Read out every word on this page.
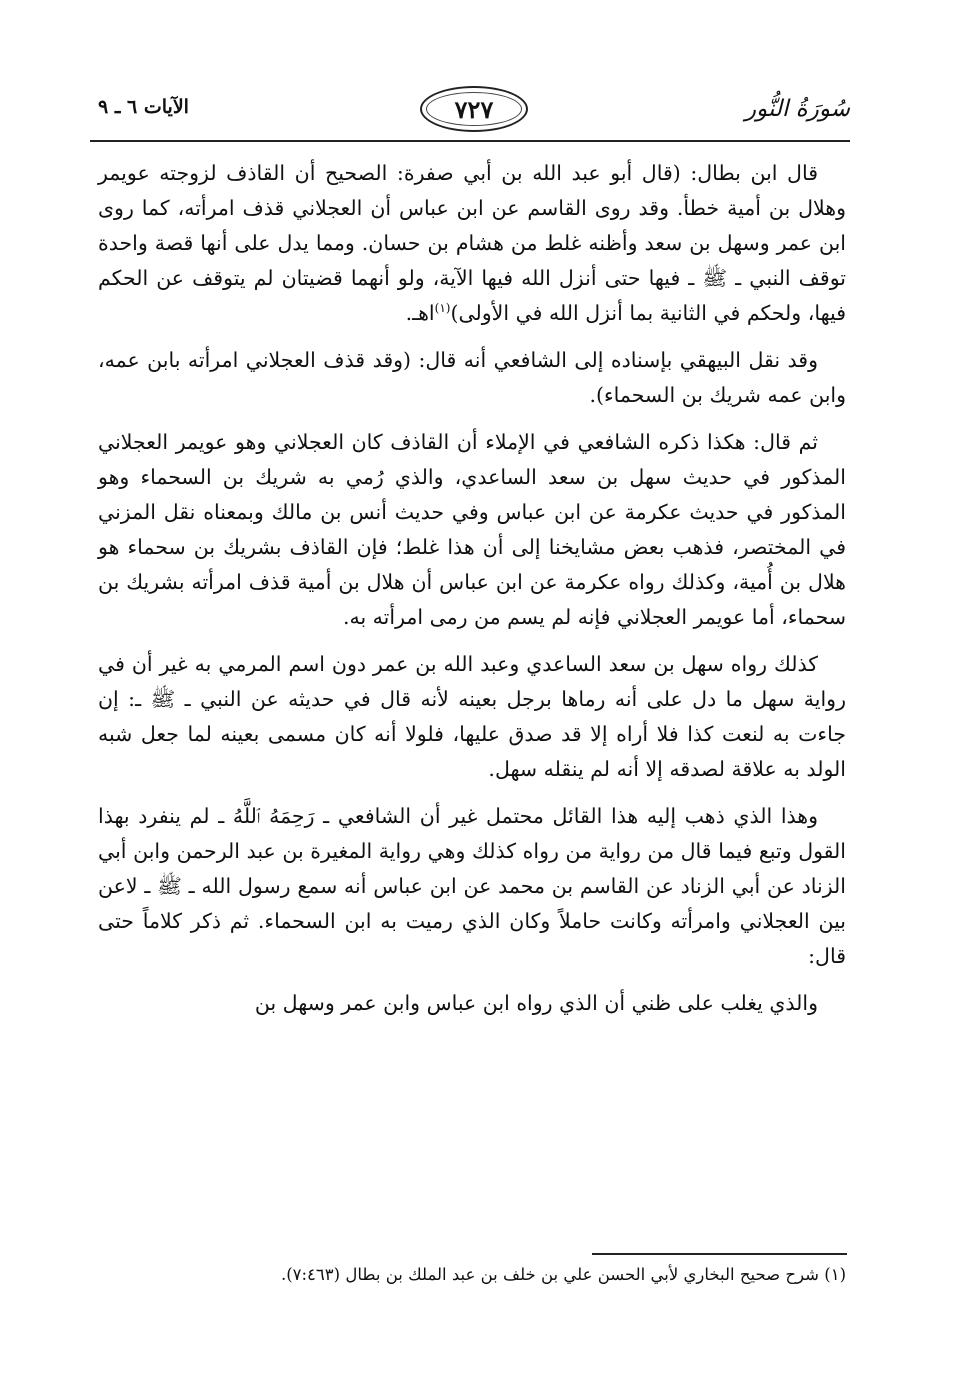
سُورَةُ النُّور
٧٢٧
الآيات ٦ ـ ٩

قال ابن بطال: (قال أبو عبد الله بن أبي صفرة: الصحيح أن القاذف لزوجته عويمر وهلال بن أمية خطأ. وقد روى القاسم عن ابن عباس أن العجلاني قذف امرأته، كما روى ابن عمر وسهل بن سعد وأظنه غلط من هشام بن حسان. ومما يدل على أنها قصة واحدة توقف النبي ـ ﷺ ـ فيها حتى أنزل الله فيها الآية، ولو أنهما قضيتان لم يتوقف عن الحكم فيها، ولحكم في الثانية بما أنزل الله في الأولى)$^{(١)}$اهـ.

وقد نقل البيهقي بإسناده إلى الشافعي أنه قال: (وقد قذف العجلاني امرأته بابن عمه، وابن عمه شريك بن السحماء).

ثم قال: هكذا ذكره الشافعي في الإملاء أن القاذف كان العجلاني وهو عويمر العجلاني المذكور في حديث سهل بن سعد الساعدي، والذي رُمي به شريك بن السحماء وهو المذكور في حديث عكرمة عن ابن عباس وفي حديث أنس بن مالك وبمعناه نقل المزني في المختصر، فذهب بعض مشايخنا إلى أن هذا غلط؛ فإن القاذف بشريك بن سحماء هو هلال بن أُمية، وكذلك رواه عكرمة عن ابن عباس أن هلال بن أمية قذف امرأته بشريك بن سحماء، أما عويمر العجلاني فإنه لم يسم من رمى امرأته به.

كذلك رواه سهل بن سعد الساعدي وعبد الله بن عمر دون اسم المرمي به غير أن في رواية سهل ما دل على أنه رماها برجل بعينه لأنه قال في حديثه عن النبي ـ ﷺ ـ: إن جاءت به لنعت كذا فلا أراه إلا قد صدق عليها، فلولا أنه كان مسمى بعينه لما جعل شبه الولد به علاقة لصدقه إلا أنه لم ينقله سهل.

وهذا الذي ذهب إليه هذا القائل محتمل غير أن الشافعي ـ رَحِمَهُ ٱللَّهُ ـ لم ينفرد بهذا القول وتبع فيما قال من رواية من رواه كذلك وهي رواية المغيرة بن عبد الرحمن وابن أبي الزناد عن أبي الزناد عن القاسم بن محمد عن ابن عباس أنه سمع رسول الله ـ ﷺ ـ لاعن بين العجلاني وامرأته وكانت حاملاً وكان الذي رميت به ابن السحماء. ثم ذكر كلاماً حتى قال:

والذي يغلب على ظني أن الذي رواه ابن عباس وابن عمر وسهل بن

(١) شرح صحيح البخاري لأبي الحسن علي بن خلف بن عبد الملك بن بطال (٧:٤٦٣).
